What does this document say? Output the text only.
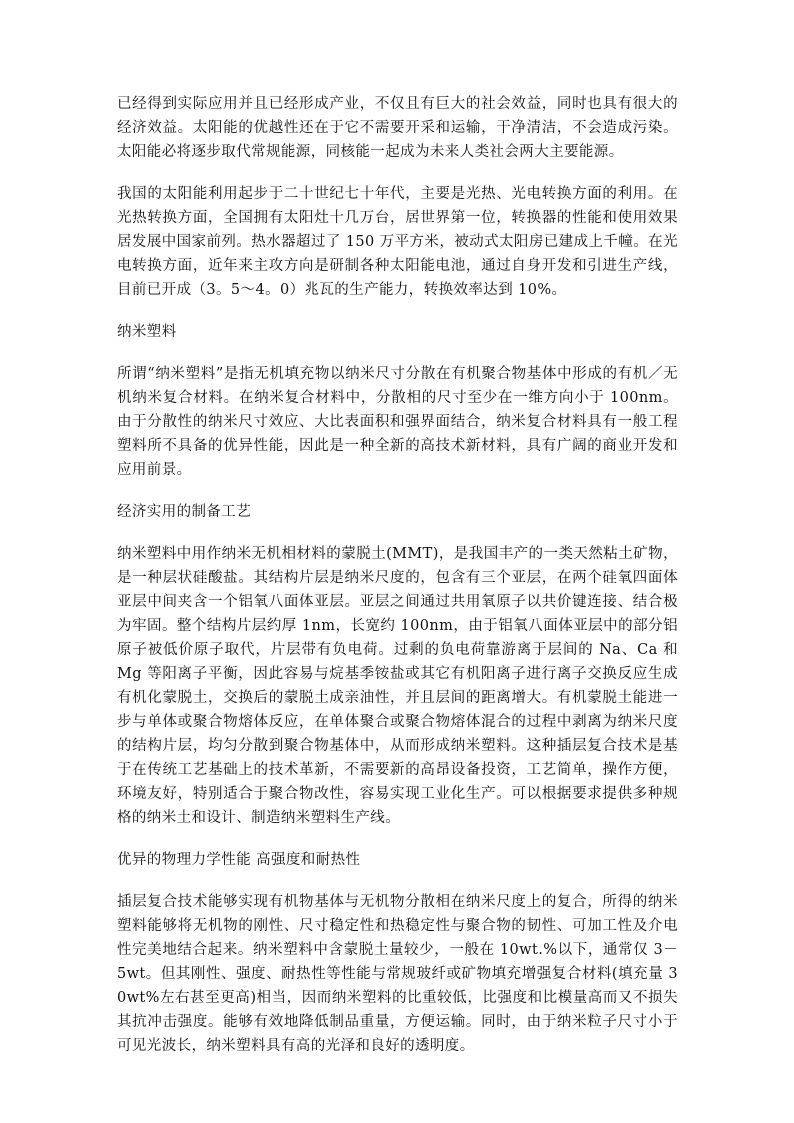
已经得到实际应用并且已经形成产业，不仅且有巨大的社会效益，同时也具有很大的经济效益。太阳能的优越性还在于它不需要开采和运输，干净清洁，不会造成污染。太阳能必将逐步取代常规能源，同核能一起成为未来人类社会两大主要能源。

我国的太阳能利用起步于二十世纪七十年代，主要是光热、光电转换方面的利用。在光热转换方面，全国拥有太阳灶十几万台，居世界第一位，转换器的性能和使用效果居发展中国家前列。热水器超过了 150 万平方米，被动式太阳房已建成上千幢。在光电转换方面，近年来主攻方向是研制各种太阳能电池，通过自身开发和引进生产线，目前已开成（3。5～4。0）兆瓦的生产能力，转换效率达到 10%。

纳米塑料

所谓“纳米塑料”是指无机填充物以纳米尺寸分散在有机聚合物基体中形成的有机／无机纳米复合材料。在纳米复合材料中，分散相的尺寸至少在一维方向小于 100nm。由于分散性的纳米尺寸效应、大比表面积和强界面结合，纳米复合材料具有一般工程塑料所不具备的优异性能，因此是一种全新的高技术新材料，具有广阔的商业开发和应用前景。

经济实用的制备工艺

纳米塑料中用作纳米无机相材料的蒙脱土(MMT)，是我国丰产的一类天然粘土矿物，是一种层状硅酸盐。其结构片层是纳米尺度的，包含有三个亚层，在两个硅氧四面体亚层中间夹含一个铝氧八面体亚层。亚层之间通过共用氧原子以共价键连接、结合极为牢固。整个结构片层约厚 1nm，长宽约 100nm，由于铝氧八面体亚层中的部分铝原子被低价原子取代，片层带有负电荷。过剩的负电荷靠游离于层间的 Na、Ca 和 Mg 等阳离子平衡，因此容易与烷基季铵盐或其它有机阳离子进行离子交换反应生成有机化蒙脱土，交换后的蒙脱土成亲油性，并且层间的距离增大。有机蒙脱土能进一步与单体或聚合物熔体反应，在单体聚合或聚合物熔体混合的过程中剥离为纳米尺度的结构片层，均匀分散到聚合物基体中，从而形成纳米塑料。这种插层复合技术是基于在传统工艺基础上的技术革新，不需要新的高昂设备投资，工艺简单，操作方便，环境友好，特别适合于聚合物改性，容易实现工业化生产。可以根据要求提供多种规格的纳米土和设计、制造纳米塑料生产线。

优异的物理力学性能 高强度和耐热性

插层复合技术能够实现有机物基体与无机物分散相在纳米尺度上的复合，所得的纳米塑料能够将无机物的刚性、尺寸稳定性和热稳定性与聚合物的韧性、可加工性及介电性完美地结合起来。纳米塑料中含蒙脱土量较少，一般在 10wt.%以下，通常仅 3－5wt。但其刚性、强度、耐热性等性能与常规玻纤或矿物填充增强复合材料(填充量 30wt%左右甚至更高)相当，因而纳米塑料的比重较低，比强度和比模量高而又不损失其抗冲击强度。能够有效地降低制品重量，方便运输。同时，由于纳米粒子尺寸小于可见光波长，纳米塑料具有高的光泽和良好的透明度。
